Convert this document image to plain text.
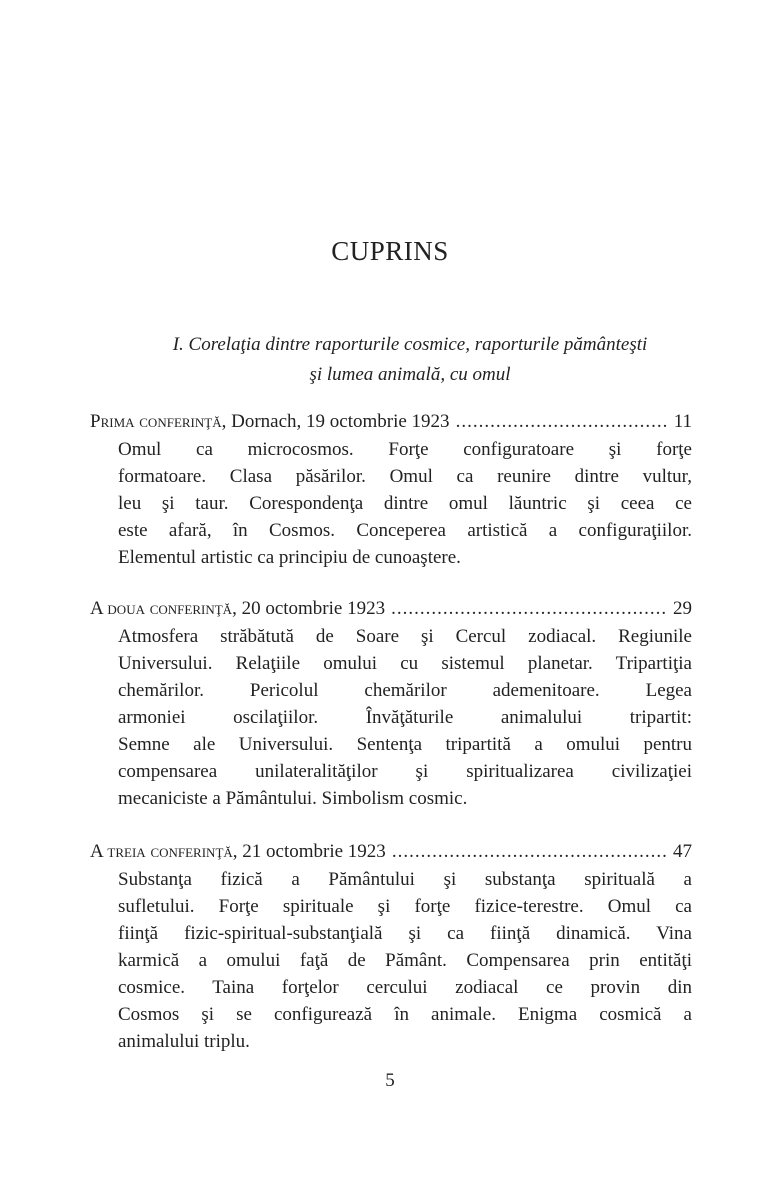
CUPRINS
I. Corelaţia dintre raporturile cosmice, raporturile pământeşti
şi lumea animală, cu omul
Prima conferinţă , Dornach, 19 octombrie 1923 .....	11
Omul ca microcosmos. Forţe configuratoare şi forţe
formatoare. Clasa păsărilor. Omul ca reunire dintre vultur,
leu şi taur. Corespondenţa dintre omul lăuntric şi ceea ce
este afară, în Cosmos. Conceperea artistică a configuraţiilor.
Elementul artistic ca principiu de cunoaştere.
A doua conferinţă , 20 octombrie 1923 .....	29
Atmosfera străbătută de Soare şi Cercul zodiacal. Regiunile
Universului. Relaţiile omului cu sistemul planetar. Tripartiţia
chemărilor. Pericolul chemărilor ademenitoare. Legea
armoniei oscilaţiilor. Învăţăturile animalului tripartit:
Semne ale Universului. Sentenţa tripartită a omului pentru
compensarea unilateralităţilor şi spiritualizarea civilizaţiei
mecaniciste a Pământului. Simbolism cosmic.
A treia conferinţă , 21 octombrie 1923 .....	47
Substanţa fizică a Pământului şi substanţa spirituală a
sufletului. Forţe spirituale şi forţe fizice-terestre. Omul ca
fiinţă fizic-spiritual-substanţială şi ca fiinţă dinamică. Vina
karmică a omului faţă de Pământ. Compensarea prin entităţi
cosmice. Taina forţelor cercului zodiacal ce provin din
Cosmos şi se configurează în animale. Enigma cosmică a
animalului triplu.
5
